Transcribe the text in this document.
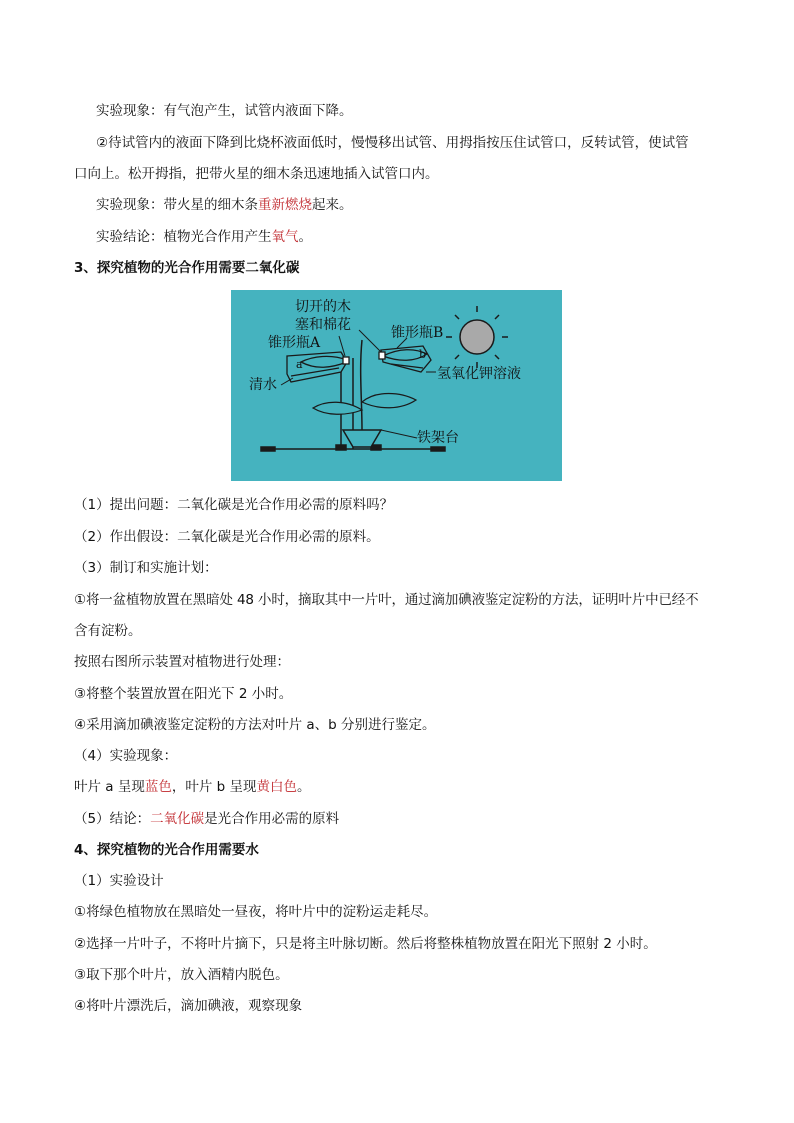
实验现象：有气泡产生，试管内液面下降。
②待试管内的液面下降到比烧杯液面低时，慢慢移出试管、用拇指按压住试管口，反转试管，使试管
口向上。松开拇指，把带火星的细木条迅速地插入试管口内。
实验现象：带火星的细木条重新燃烧起来。
实验结论：植物光合作用产生氧气。
3、探究植物的光合作用需要二氧化碳
切开的木
塞和棉花
锥形瓶A
锥形瓶B
a
b
清水
氢氧化钾溶液
铁架台
（1）提出问题：二氧化碳是光合作用必需的原料吗？
（2）作出假设：二氧化碳是光合作用必需的原料。
（3）制订和实施计划：
①将一盆植物放置在黑暗处 48 小时，摘取其中一片叶，通过滴加碘液鉴定淀粉的方法，证明叶片中已经不
含有淀粉。
按照右图所示装置对植物进行处理：
③将整个装置放置在阳光下 2 小时。
④采用滴加碘液鉴定淀粉的方法对叶片 a、b 分别进行鉴定。
（4）实验现象：
叶片 a 呈现蓝色，叶片 b 呈现黄白色。
（5）结论：二氧化碳是光合作用必需的原料
4、探究植物的光合作用需要水
（1）实验设计
①将绿色植物放在黑暗处一昼夜，将叶片中的淀粉运走耗尽。
②选择一片叶子，不将叶片摘下，只是将主叶脉切断。然后将整株植物放置在阳光下照射 2 小时。
③取下那个叶片，放入酒精内脱色。
④将叶片漂洗后，滴加碘液，观察现象
